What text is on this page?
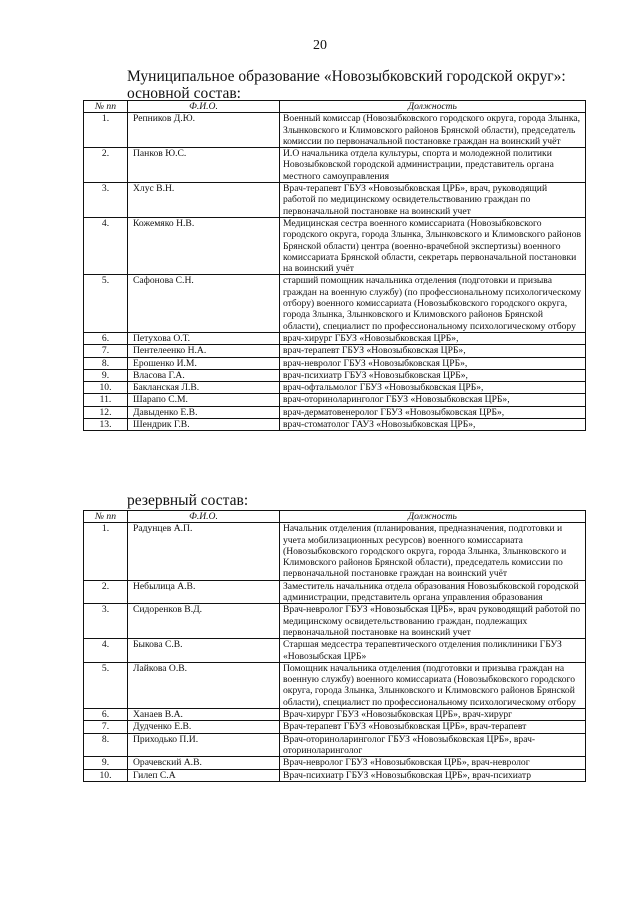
20
Муниципальное образование «Новозыбковский городской округ»:
основной состав:
№ пп	Ф.И.О.	Должность
1.	Репников Д.Ю.	Военный комиссар (Новозыбковского городского округа, города Злынка, Злынковского и Климовского районов Брянской области), председатель комиссии по первоначальной постановке граждан на воинский учёт
2.	Панков Ю.С.	И.О начальника отдела культуры, спорта и молодежной политики Новозыбковской городской администрации, представитель органа местного самоуправления
3.	Хлус В.Н.	Врач-терапевт ГБУЗ «Новозыбковская ЦРБ», врач, руководящий работой по медицинскому освидетельствованию граждан по первоначальной постановке на воинский учет
4.	Кожемяко Н.В.	Медицинская сестра военного комиссариата (Новозыбковского городского округа, города Злынка, Злынковского и Климовского районов Брянской области) центра (военно-врачебной экспертизы) военного комиссариата Брянской области, секретарь первоначальной постановки на воинский учёт
5.	Сафонова С.Н.	старший помощник начальника отделения (подготовки и призыва граждан на военную службу) (по профессиональному психологическому отбору) военного комиссариата (Новозыбковского городского округа, города Злынка, Злынковского и Климовского районов Брянской области), специалист по профессиональному психологическому отбору
6.	Петухова О.Т.	врач-хирург ГБУЗ «Новозыбковская ЦРБ»,
7.	Пентелеенко Н.А.	врач-терапевт ГБУЗ «Новозыбковская ЦРБ»,
8.	Ерошенко И.М.	врач-невролог ГБУЗ «Новозыбковская ЦРБ»,
9.	Власова Г.А.	врач-психиатр ГБУЗ «Новозыбковская ЦРБ»,
10.	Бакланская Л.В.	врач-офтальмолог ГБУЗ «Новозыбковская ЦРБ»,
11.	Шарапо С.М.	врач-оториноларинголог ГБУЗ «Новозыбковская ЦРБ»,
12.	Давыденко Е.В.	врач-дерматовенеролог ГБУЗ «Новозыбковская ЦРБ»,
13.	Шендрик Г.В.	врач-стоматолог ГАУЗ «Новозыбковская ЦРБ»,
резервный состав:
№ пп	Ф.И.О.	Должность
1.	Радунцев А.П.	Начальник отделения (планирования, предназначения, подготовки и учета мобилизационных ресурсов) военного комиссариата (Новозыбковского городского округа, города Злынка, Злынковского и Климовского районов Брянской области), председатель комиссии по первоначальной постановке граждан на воинский учёт
2.	Небылица А.В.	Заместитель начальника отдела образования Новозыбковской городской администрации, представитель органа управления образования
3.	Сидоренков В.Д.	Врач-невролог ГБУЗ «Новозыбская ЦРБ», врач руководящий работой по медицинскому освидетельствованию граждан, подлежащих первоначальной постановке на воинский учет
4.	Быкова С.В.	Старшая медсестра терапевтического отделения поликлиники ГБУЗ «Новозыбская ЦРБ»
5.	Лайкова О.В.	Помощник начальника отделения (подготовки и призыва граждан на военную службу) военного комиссариата (Новозыбковского городского округа, города Злынка, Злынковского и Климовского районов Брянской области), специалист по профессиональному психологическому отбору
6.	Ханаев В.А.	Врач-хирург ГБУЗ «Новозыбковская ЦРБ», врач-хирург
7.	Дудченко Е.В.	Врач-терапевт ГБУЗ «Новозыбковская ЦРБ», врач-терапевт
8.	Приходько П.И.	Врач-оториноларинголог ГБУЗ «Новозыбковская ЦРБ», врач-оториноларинголог
9.	Орачевский А.В.	Врач-невролог ГБУЗ «Новозыбковская ЦРБ», врач-невролог
10.	Гилеп С.А	Врач-психиатр ГБУЗ «Новозыбковская ЦРБ», врач-психиатр
